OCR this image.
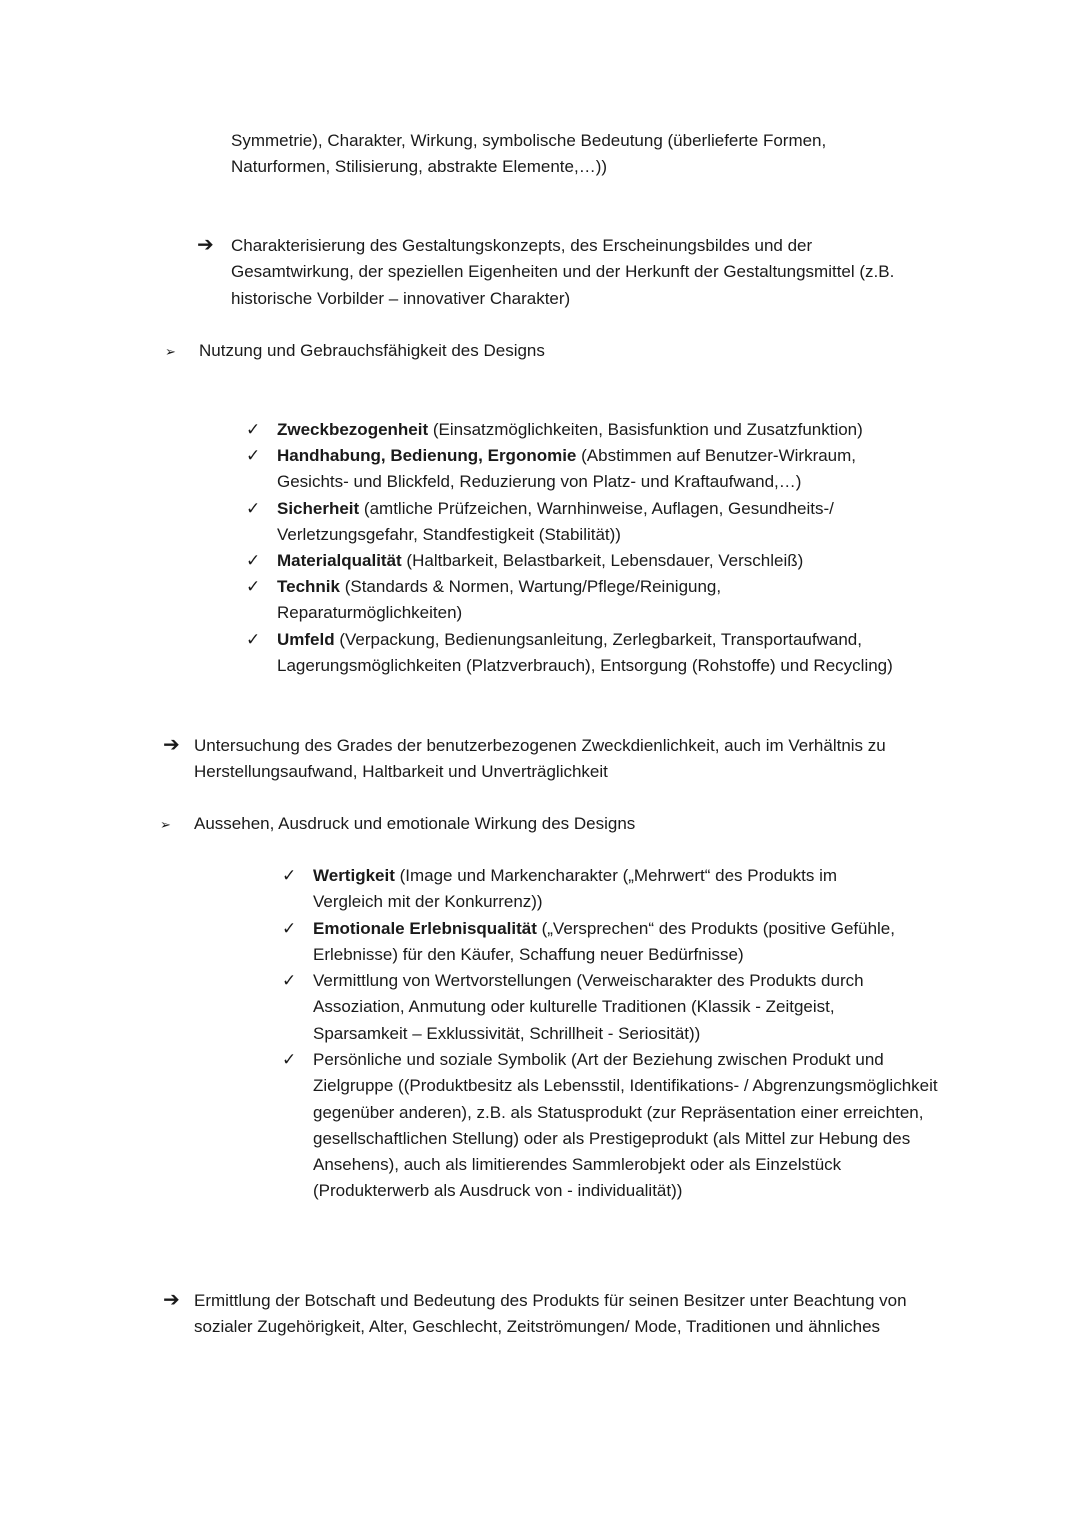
Symmetrie), Charakter, Wirkung, symbolische Bedeutung (überlieferte Formen, Naturformen, Stilisierung, abstrakte Elemente,…))
➔ Charakterisierung des Gestaltungskonzepts, des Erscheinungsbildes und der Gesamtwirkung, der speziellen Eigenheiten und der Herkunft der Gestaltungsmittel (z.B. historische Vorbilder – innovativer Charakter)
➢ Nutzung und Gebrauchsfähigkeit des Designs
✓ Zweckbezogenheit (Einsatzmöglichkeiten, Basisfunktion und Zusatzfunktion)
✓ Handhabung, Bedienung, Ergonomie (Abstimmen auf Benutzer-Wirkraum, Gesichts- und Blickfeld, Reduzierung von Platz- und Kraftaufwand,…)
✓ Sicherheit (amtliche Prüfzeichen, Warnhinweise, Auflagen, Gesundheits-/ Verletzungsgefahr, Standfestigkeit (Stabilität))
✓ Materialqualität (Haltbarkeit, Belastbarkeit, Lebensdauer, Verschleiß)
✓ Technik (Standards & Normen, Wartung/Pflege/Reinigung, Reparaturmöglichkeiten)
✓ Umfeld (Verpackung, Bedienungsanleitung, Zerlegbarkeit, Transportaufwand, Lagerungsmöglichkeiten (Platzverbrauch), Entsorgung (Rohstoffe) und Recycling)
➔ Untersuchung des Grades der benutzerbezogenen Zweckdienlichkeit, auch im Verhältnis zu Herstellungsaufwand, Haltbarkeit und Unverträglichkeit
➢ Aussehen, Ausdruck und emotionale Wirkung des Designs
✓ Wertigkeit (Image und Markencharakter („Mehrwert“ des Produkts im Vergleich mit der Konkurrenz))
✓ Emotionale Erlebnisqualität („Versprechen“ des Produkts (positive Gefühle, Erlebnisse) für den Käufer, Schaffung neuer Bedürfnisse)
✓ Vermittlung von Wertvorstellungen (Verweischarakter des Produkts durch Assoziation, Anmutung oder kulturelle Traditionen (Klassik - Zeitgeist, Sparsamkeit – Exklussivität, Schrillheit - Seriosität))
✓ Persönliche und soziale Symbolik (Art der Beziehung zwischen Produkt und Zielgruppe ((Produktbesitz als Lebensstil, Identifikations- / Abgrenzungsmöglichkeit gegenüber anderen), z.B. als Statusprodukt (zur Repräsentation einer erreichten, gesellschaftlichen Stellung) oder als Prestigeprodukt (als Mittel zur Hebung des Ansehens), auch als limitierendes Sammlerobjekt oder als Einzelstück (Produkterwerb als Ausdruck von - individualität))
➔ Ermittlung der Botschaft und Bedeutung des Produkts für seinen Besitzer unter Beachtung von sozialer Zugehörigkeit, Alter, Geschlecht, Zeitströmungen/ Mode, Traditionen und ähnliches
